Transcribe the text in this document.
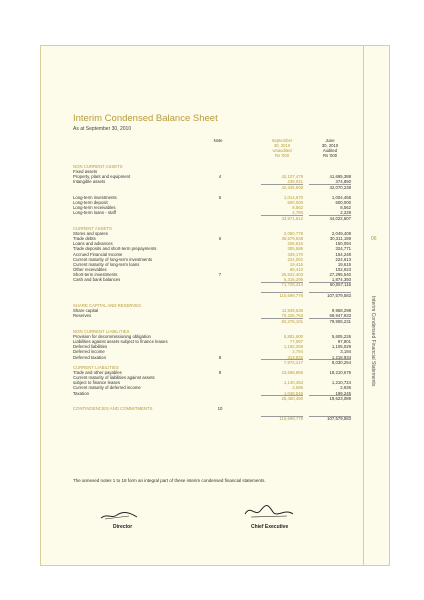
06
Interim Condensed Financial Statements
Interim Condensed Balance Sheet
As at September 30, 2010
Note	September
30, 2010
Unaudited
Rs '000
June
30, 2010
Audited
Rs '000
NON CURRENT ASSETS
Fixed assets
Property, plant and equipment	4	42,107,479	41,695,388
Intangible assets	238,021	374,850
42,345,500	42,070,238
Long-term investments	5	1,014,670	1,004,468
Long-term deposit	600,000	600,000
Long-term receivables	8,562	8,562
Long-term loans - staff	2,780	2,229
43,971,512	44,022,607
CURRENT ASSETS
Stores and spares	2,060,779	2,049,408
Trade debts	6	36,579,638	30,311,189
Loans and advances	205,615	150,094
Trade deposits and short-term prepayments	305,586	324,771
Accrued Financial Income	339,170	154,248
Current maturity of long-term investments	224,052	224,613
Current maturity of long-term loans	19,415	19,615
Other receivables	86,410	102,923
Short-term investments	7	25,522,403	27,295,540
Cash and bank balances	5,315,295	1,874,393
71,728,414	60,057,116
115,699,778	107,579,583
SHARE CAPITAL AND RESERVES
Share capital	11,949,536	9,958,298
Reserves	70,326,763	69,947,933
82,276,101	79,906,231
NON CURRENT LIABILITIES
Provision for decommissioning obligation	5,881,600	5,605,226
Liabilities against assets subject to finance leases	77,067	97,801
Deferred liabilities	1,192,259	1,105,029
Deferred income	2,794	3,194
Deferred taxation	8	313,835	1,218,934
7,973,217	8,030,264
CURRENT LIABILITIES
Trade and other payables	9	23,558,865	18,210,679
Current maturity of liabilities against assets
subject to finance leases	1,140,453	1,210,724
Current maturity of deferred income	2,596	2,936
Taxation	1,048,546	199,245
25,450,460	19,623,089
CONTINGENCIES AND COMMITMENTS	10
115,699,778	107,579,583
The annexed notes 1 to 18 form an integral part of these interim condensed financial statements.
Director	Chief Executive
